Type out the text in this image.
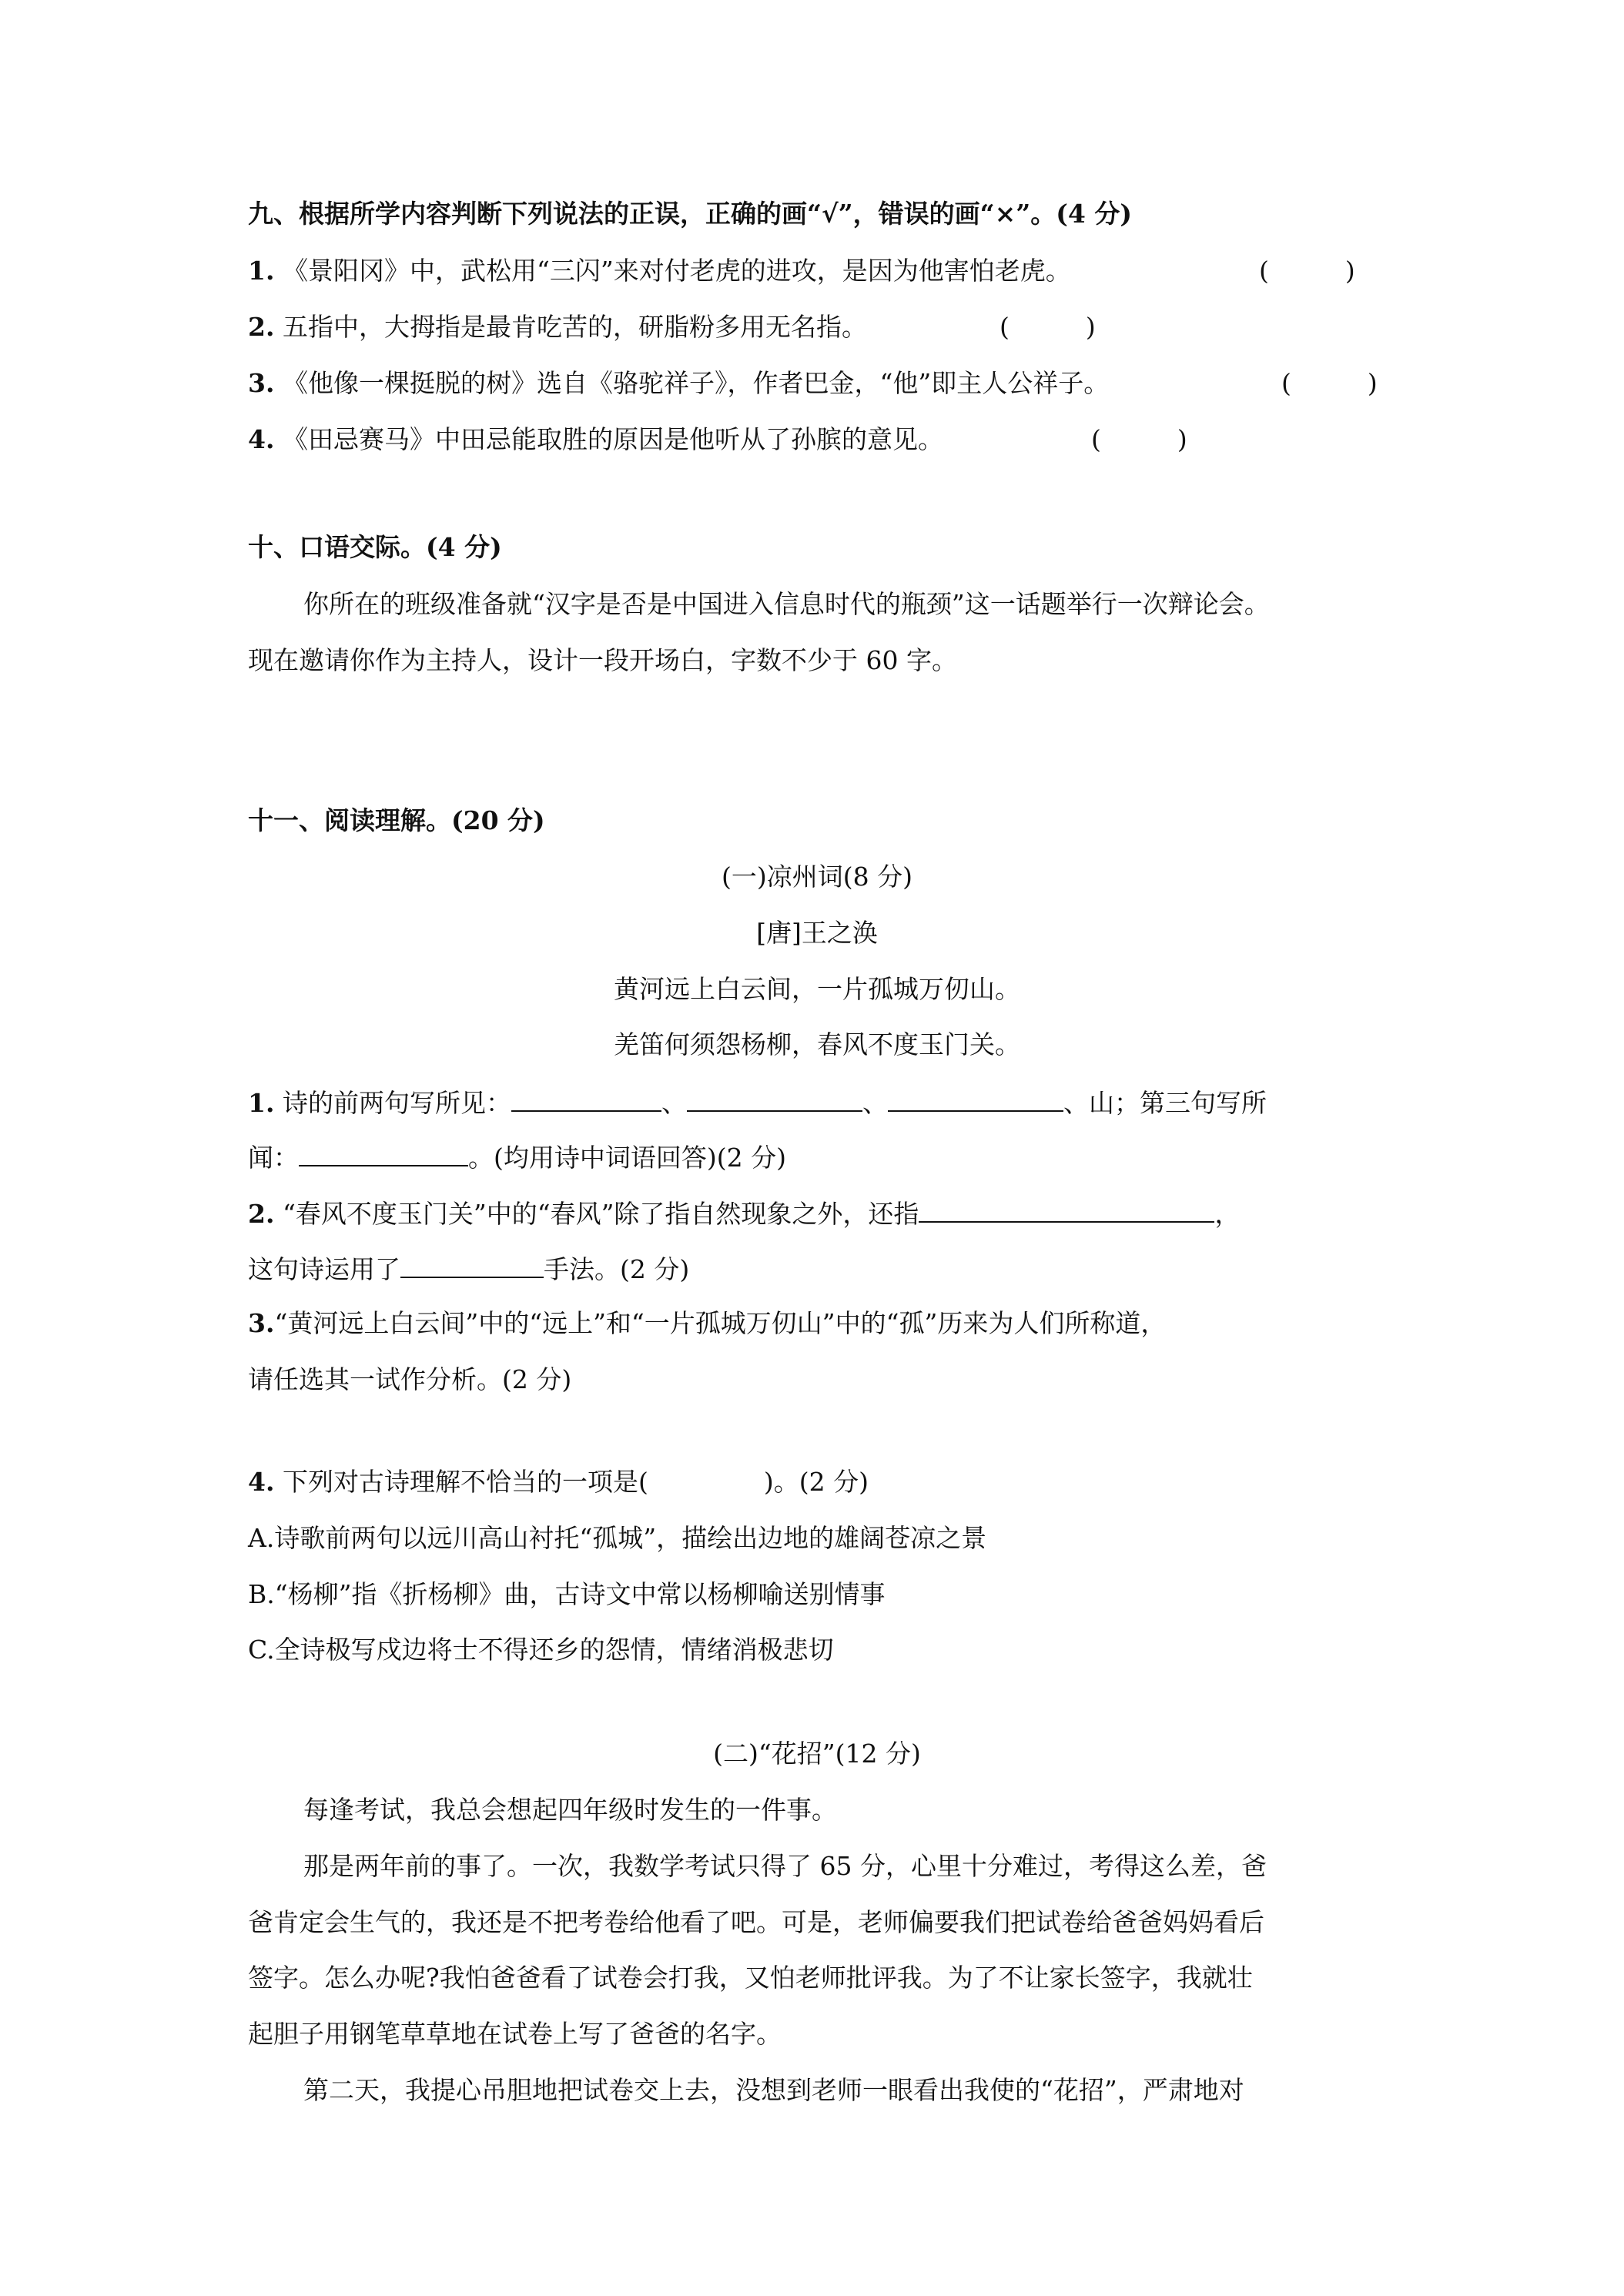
九、根据所学内容判断下列说法的正误，正确的画“√”，错误的画“×”。(4 分)
1. 《景阳冈》中，武松用“三闪”来对付老虎的进攻，是因为他害怕老虎。	(　　　)
2. 五指中，大拇指是最肯吃苦的，研脂粉多用无名指。	(　　　)
3. 《他像一棵挺脱的树》选自《骆驼祥子》，作者巴金，“他”即主人公祥子。	(　　　)
4. 《田忌赛马》中田忌能取胜的原因是他听从了孙膑的意见。	(　　　)
十、口语交际。(4 分)
你所在的班级准备就“汉字是否是中国进入信息时代的瓶颈”这一话题举行一次辩论会。
现在邀请你作为主持人，设计一段开场白，字数不少于 60 字。
十一、阅读理解。(20 分)
(一)凉州词(8 分)
[唐]王之涣
黄河远上白云间，一片孤城万仞山。
羌笛何须怨杨柳，春风不度玉门关。
1. 诗的前两句写所见：	、	、	、山；第三句写所
闻：	。(均用诗中词语回答)(2 分)
2. “春风不度玉门关”中的“春风”除了指自然现象之外，还指	，
这句诗运用了	手法。(2 分)
3.“黄河远上白云间”中的“远上”和“一片孤城万仞山”中的“孤”历来为人们所称道，
请任选其一试作分析。(2 分)
4. 下列对古诗理解不恰当的一项是(	)。(2 分)
A.诗歌前两句以远川高山衬托“孤城”，描绘出边地的雄阔苍凉之景
B.“杨柳”指《折杨柳》曲，古诗文中常以杨柳喻送别情事
C.全诗极写戍边将士不得还乡的怨情，情绪消极悲切
(二)“花招”(12 分)
每逢考试，我总会想起四年级时发生的一件事。
那是两年前的事了。一次，我数学考试只得了 65 分，心里十分难过，考得这么差，爸
爸肯定会生气的，我还是不把考卷给他看了吧。可是，老师偏要我们把试卷给爸爸妈妈看后
签字。怎么办呢?我怕爸爸看了试卷会打我，又怕老师批评我。为了不让家长签字，我就壮
起胆子用钢笔草草地在试卷上写了爸爸的名字。
第二天，我提心吊胆地把试卷交上去，没想到老师一眼看出我使的“花招”，严肃地对
